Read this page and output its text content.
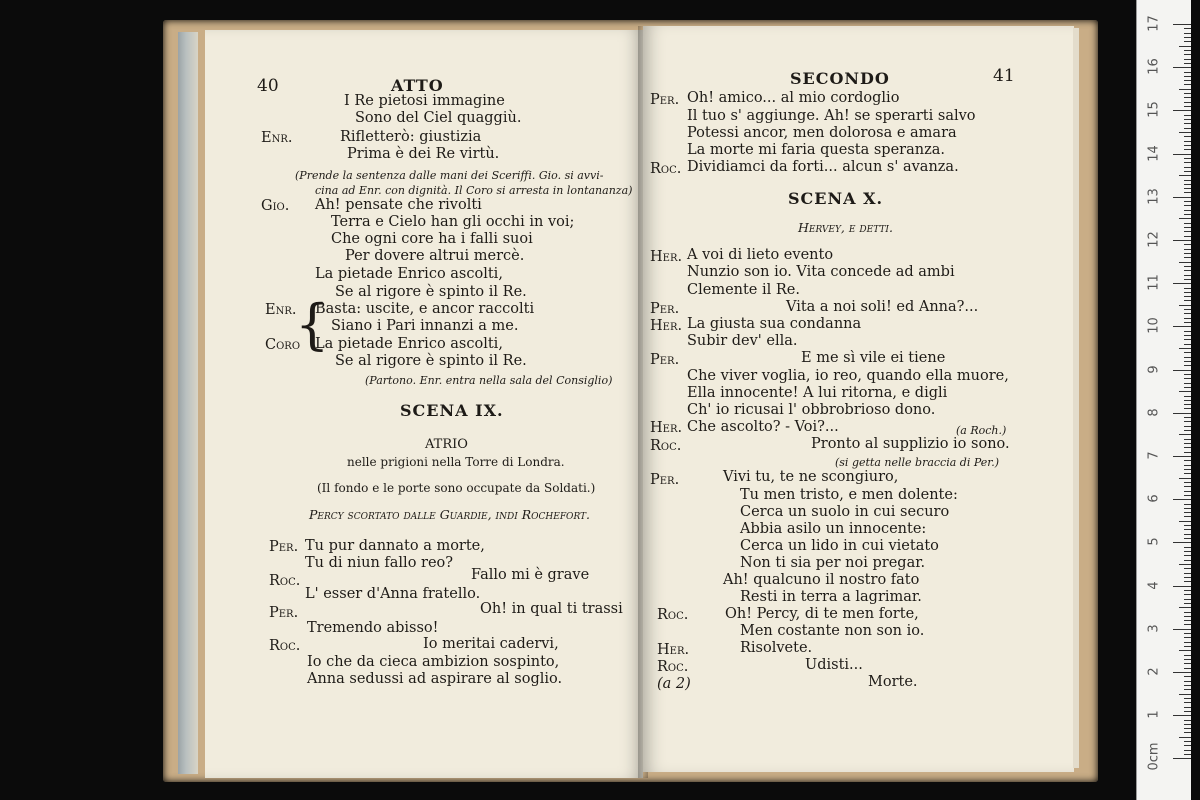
40	ATTO
I Re pietosi immagine
Sono del Ciel quaggiù.
Enr.	Rifletterò: giustizia
Prima è dei Re virtù.
(Prende la sentenza dalle mani dei Sceriffi. Gio. si avvi-
cina ad Enr. con dignità. Il Coro si arresta in lontananza)
Gio. Ah! pensate che rivolti
Terra e Cielo han gli occhi in voi;
Che ogni core ha i falli suoi
Per dovere altrui mercè.
La pietade Enrico ascolti,
Se al rigore è spinto il Re.
Enr.
{
Basta: uscite, e ancor raccolti
Siano i Pari innanzi a me.
Coro La pietade Enrico ascolti,
Se al rigore è spinto il Re.
(Partono. Enr. entra nella sala del Consiglio)
SCENA IX.
ATRIO
nelle prigioni nella Torre di Londra.
(Il fondo e le porte sono occupate da Soldati.)
Percy scortato dalle Guardie, indi Rochefort.
Per. Tu pur dannato a morte,
Tu di niun fallo reo?
Roc.	Fallo mi è grave
L' esser d'Anna fratello.
Per.	Oh! in qual ti trassi
Tremendo abisso!
Roc.	Io meritai cadervi,
Io che da cieca ambizion sospinto,
Anna sedussi ad aspirare al soglio.
SECONDO	41
Per. Oh! amico... al mio cordoglio
Il tuo s' aggiunge. Ah! se sperarti salvo
Potessi ancor, men dolorosa e amara
La morte mi faria questa speranza.
Roc. Dividiamci da forti... alcun s' avanza.
SCENA X.
Hervey, e detti.
Her. A voi di lieto evento
Nunzio son io. Vita concede ad ambi
Clemente il Re.
Per.	Vita a noi soli! ed Anna?...
Her. La giusta sua condanna
Subir dev' ella.
Per.	E me sì vile ei tiene
Che viver voglia, io reo, quando ella muore,
Ella innocente! A lui ritorna, e digli
Ch' io ricusai l' obbrobrioso dono.
Her. Che ascolto? - Voi?...	(a Roch.)
Roc.	Pronto al supplizio io sono.
(si getta nelle braccia di Per.)
Per.	Vivi tu, te ne scongiuro,
Tu men tristo, e men dolente:
Cerca un suolo in cui securo
Abbia asilo un innocente:
Cerca un lido in cui vietato
Non ti sia per noi pregar.
Ah! qualcuno il nostro fato
Resti in terra a lagrimar.
Roc.	Oh! Percy, di te men forte,
Men costante non son io.
Her.	Risolvete.
Roc.	Udisti...
(a 2)	Morte.
17
16
15
14
13
12
11
10
9
8
7
6
5
4
3
2
1
0cm
